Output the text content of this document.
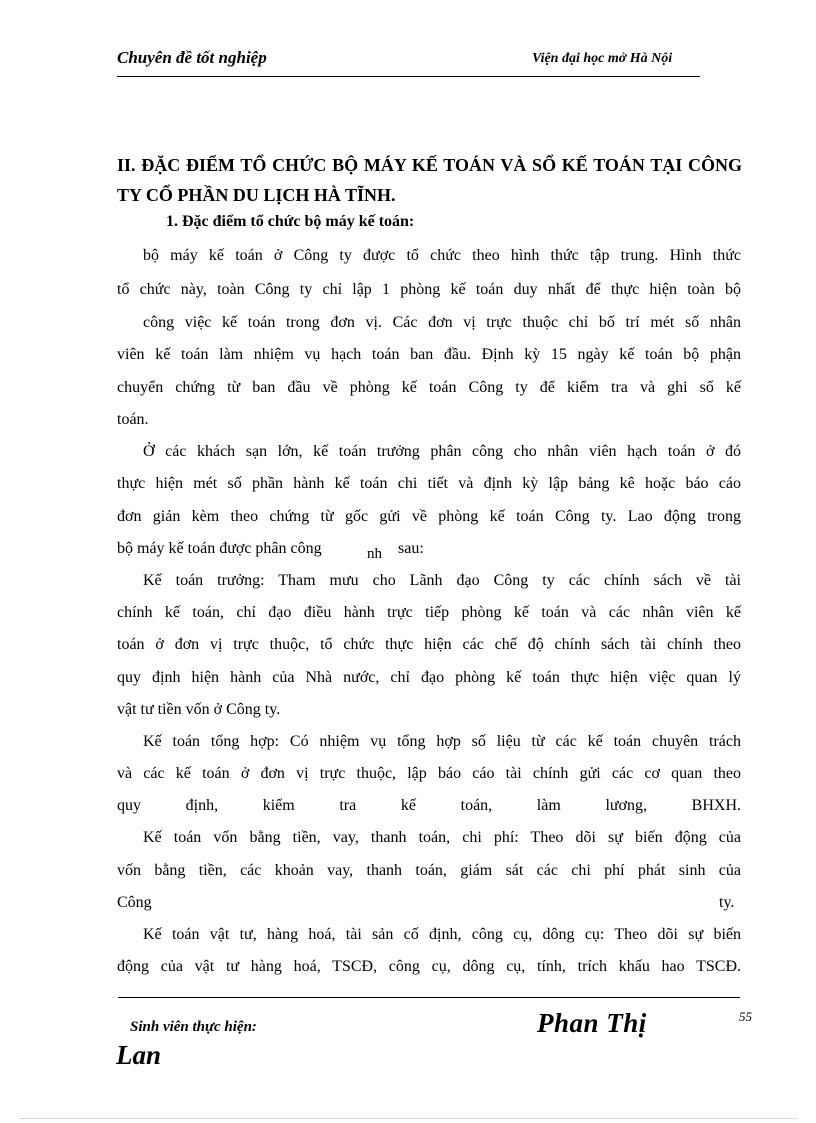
Chuyên đề tốt nghiệp	Viện đại học mở Hà Nội
II. ĐẶC ĐIỂM TỔ CHỨC BỘ MÁY KẾ TOÁN VÀ SỔ KẾ TOÁN TẠI CÔNG TY CỔ PHẦN DU LỊCH HÀ TĨNH.
1. Đặc điểm tổ chức bộ máy kế toán:
bộ máy kế toán ở Công ty được tổ chức theo hình thức tập trung. Hình thức
tổ chức này, toàn Công ty chỉ lập 1 phòng kế toán duy nhất để thực hiện toàn bộ
công việc kế toán trong đơn vị. Các đơn vị trực thuộc chỉ bố trí mét số nhân
viên kế toán làm nhiệm vụ hạch toán ban đầu. Định kỳ 15 ngày kế toán bộ phận
chuyển chứng từ ban đầu về phòng kế toán Công ty để kiểm tra và ghi sổ kế
toán.
Ở các khách sạn lớn, kế toán trưởng phân công cho nhân viên hạch toán ở đó
thực hiện mét số phần hành kế toán chi tiết và định kỳ lập bảng kê hoặc báo cáo
đơn giản kèm theo chứng từ gốc gửi về phòng kế toán Công ty. Lao động trong
bộ máy kế toán được phân công	nh	sau:
Kế toán trưởng: Tham mưu cho Lãnh đạo Công ty các chính sách về tài
chính kế toán, chỉ đạo điều hành trực tiếp phòng kế toán và các nhân viên kế
toán ở đơn vị trực thuộc, tổ chức thực hiện các chế độ chính sách tài chính theo
quy định hiện hành của Nhà nước, chỉ đạo phòng kế toán thực hiện việc quan lý
vật tư tiền vốn ở Công ty.
Kế toán tổng hợp: Có nhiệm vụ tổng hợp số liệu từ các kế toán chuyên trách
và các kế toán ở đơn vị trực thuộc, lập báo cáo tài chính gửi các cơ quan theo
quy định, kiểm tra kế toán, làm lương, BHXH.
Kế toán vốn bằng tiền, vay, thanh toán, chi phí: Theo dõi sự biến động của
vốn bằng tiền, các khoản vay, thanh toán, giám sát các chi phí phát sinh của
Công	ty.
Kế toán vật tư, hàng hoá, tài sản cố định, công cụ, dông cụ: Theo dõi sự biến
động của vật tư hàng hoá, TSCĐ, công cụ, dông cụ, tính, trích khấu hao TSCĐ.
55
Sinh viên thực hiện:	Phan Thị
Lan
